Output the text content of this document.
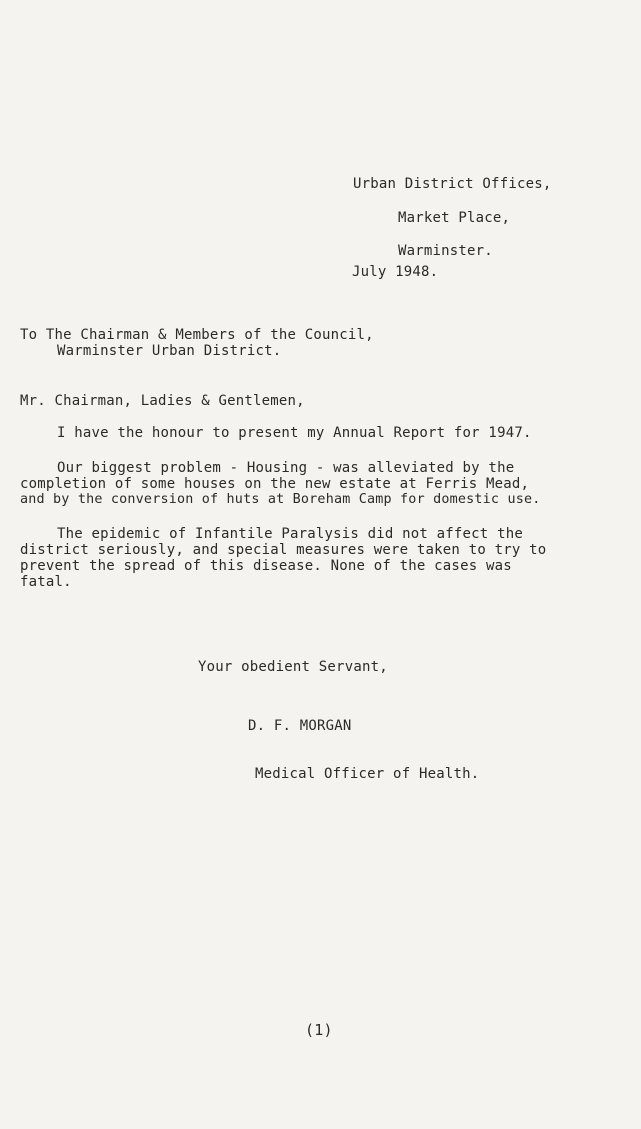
Urban District Offices,
Market Place,
Warminster.
July 1948.
To The Chairman & Members of the Council,
Warminster Urban District.
Mr. Chairman, Ladies & Gentlemen,
I have the honour to present my Annual Report for 1947.
Our biggest problem - Housing - was alleviated by the
completion of some houses on the new estate at Ferris Mead,
and by the conversion of huts at Boreham Camp for domestic use.
The epidemic of Infantile Paralysis did not affect the
district seriously, and special measures were taken to try to
prevent the spread of this disease. None of the cases was
fatal.
Your obedient Servant,
D. F. MORGAN
Medical Officer of Health.
(1)
